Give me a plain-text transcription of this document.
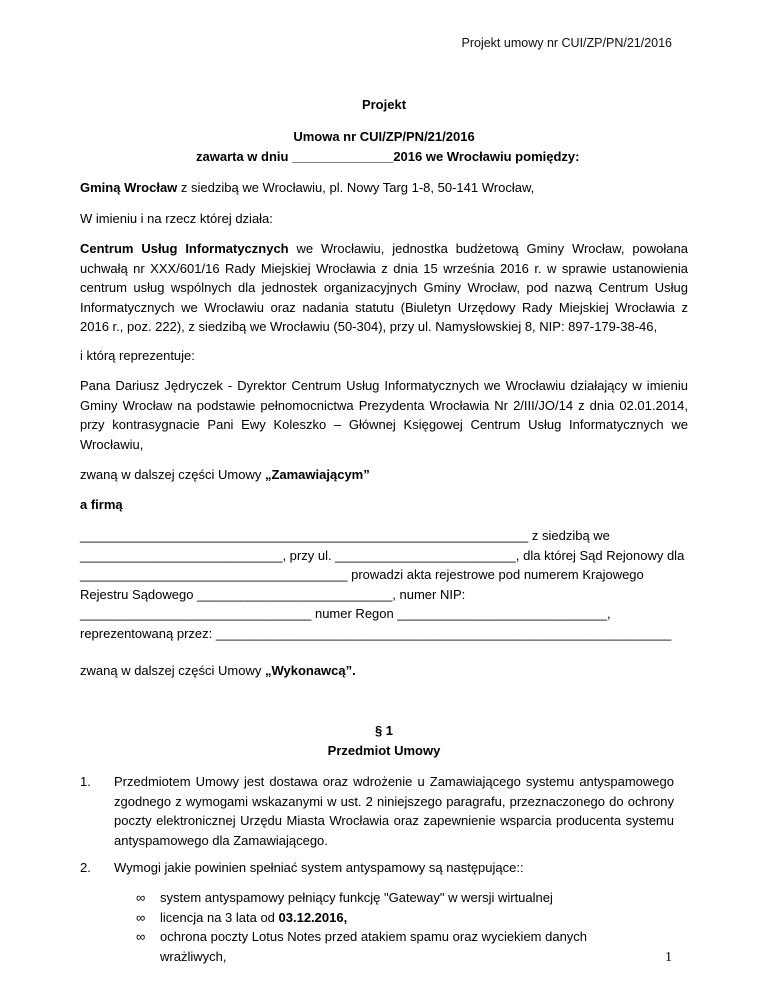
Projekt umowy nr CUI/ZP/PN/21/2016
Projekt
Umowa nr CUI/ZP/PN/21/2016
zawarta w dniu ______________2016 we Wrocławiu pomiędzy:
Gminą Wrocław z siedzibą we Wrocławiu, pl. Nowy Targ 1-8, 50-141 Wrocław,
W imieniu i na rzecz której działa:
Centrum Usług Informatycznych we Wrocławiu, jednostka budżetową Gminy Wrocław, powołana uchwałą nr XXX/601/16 Rady Miejskiej Wrocławia z dnia 15 września 2016 r. w sprawie ustanowienia centrum usług wspólnych dla jednostek organizacyjnych Gminy Wrocław, pod nazwą Centrum Usług Informatycznych we Wrocławiu oraz nadania statutu (Biuletyn Urzędowy Rady Miejskiej Wrocławia z 2016 r., poz. 222), z siedzibą we Wrocławiu (50-304), przy ul. Namysłowskiej 8, NIP: 897-179-38-46,
i którą reprezentuje:
Pana Dariusz Jędryczek - Dyrektor Centrum Usług Informatycznych we Wrocławiu działający w imieniu Gminy Wrocław na podstawie pełnomocnictwa Prezydenta Wrocławia Nr 2/III/JO/14 z dnia 02.01.2014, przy kontrasygnacie Pani Ewy Koleszko – Głównej Księgowej Centrum Usług Informatycznych we Wrocławiu,
zwaną w dalszej części Umowy „Zamawiającym”
a firmą
______________________________________________________________ z siedzibą we
____________________________, przy ul. _________________________, dla której Sąd Rejonowy dla
_____________________________________ prowadzi akta rejestrowe pod numerem Krajowego
Rejestru Sądowego ___________________________, numer NIP:
________________________________ numer Regon _____________________________,
reprezentowaną przez: _______________________________________________________________
zwaną w dalszej części Umowy „Wykonawcą”.
§ 1
Przedmiot Umowy
1. Przedmiotem Umowy jest dostawa oraz wdrożenie u Zamawiającego systemu antyspamowego zgodnego z wymogami wskazanymi w ust. 2 niniejszego paragrafu, przeznaczonego do ochrony poczty elektronicznej Urzędu Miasta Wrocławia oraz zapewnienie wsparcia producenta systemu antyspamowego dla Zamawiającego.
2. Wymogi jakie powinien spełniać system antyspamowy są następujące::
∞ system antyspamowy pełniący funkcję "Gateway" w wersji wirtualnej
∞ licencja na 3 lata od 03.12.2016,
∞ ochrona poczty Lotus Notes przed atakiem spamu oraz wyciekiem danych wrażliwych,	1
